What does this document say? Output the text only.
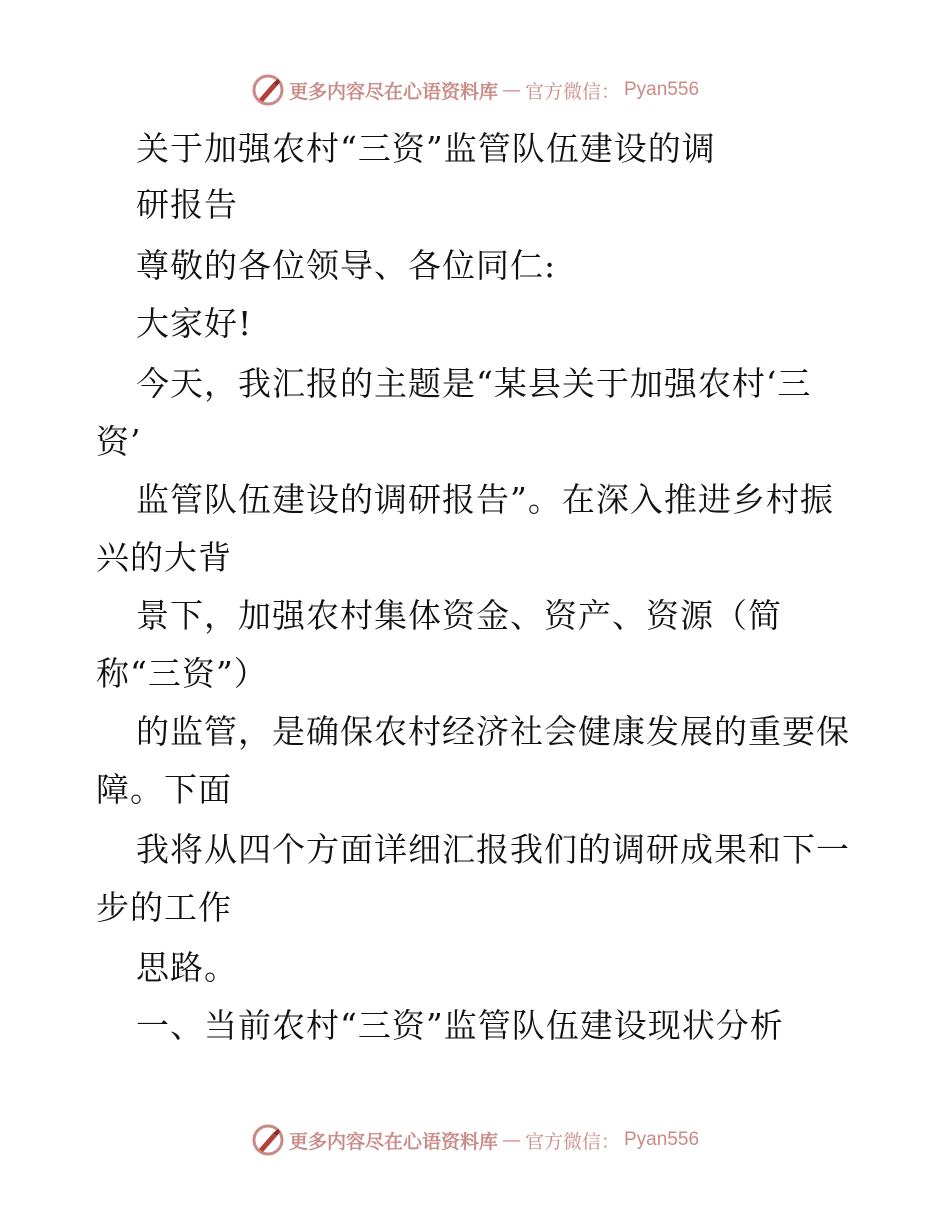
更多内容尽在心语资料库 — 官方微信： Pyan556
关于加强农村“三资”监管队伍建设的调
研报告
尊敬的各位领导、各位同仁:
大家好!
今天，我汇报的主题是“某县关于加强农村‘三
资’
监管队伍建设的调研报告”。在深入推进乡村振
兴的大背
景下，加强农村集体资金、资产、资源（简
称“三资”）
的监管，是确保农村经济社会健康发展的重要保
障。下面
我将从四个方面详细汇报我们的调研成果和下一
步的工作
思路。
一、当前农村“三资”监管队伍建设现状分析
更多内容尽在心语资料库 — 官方微信： Pyan556
